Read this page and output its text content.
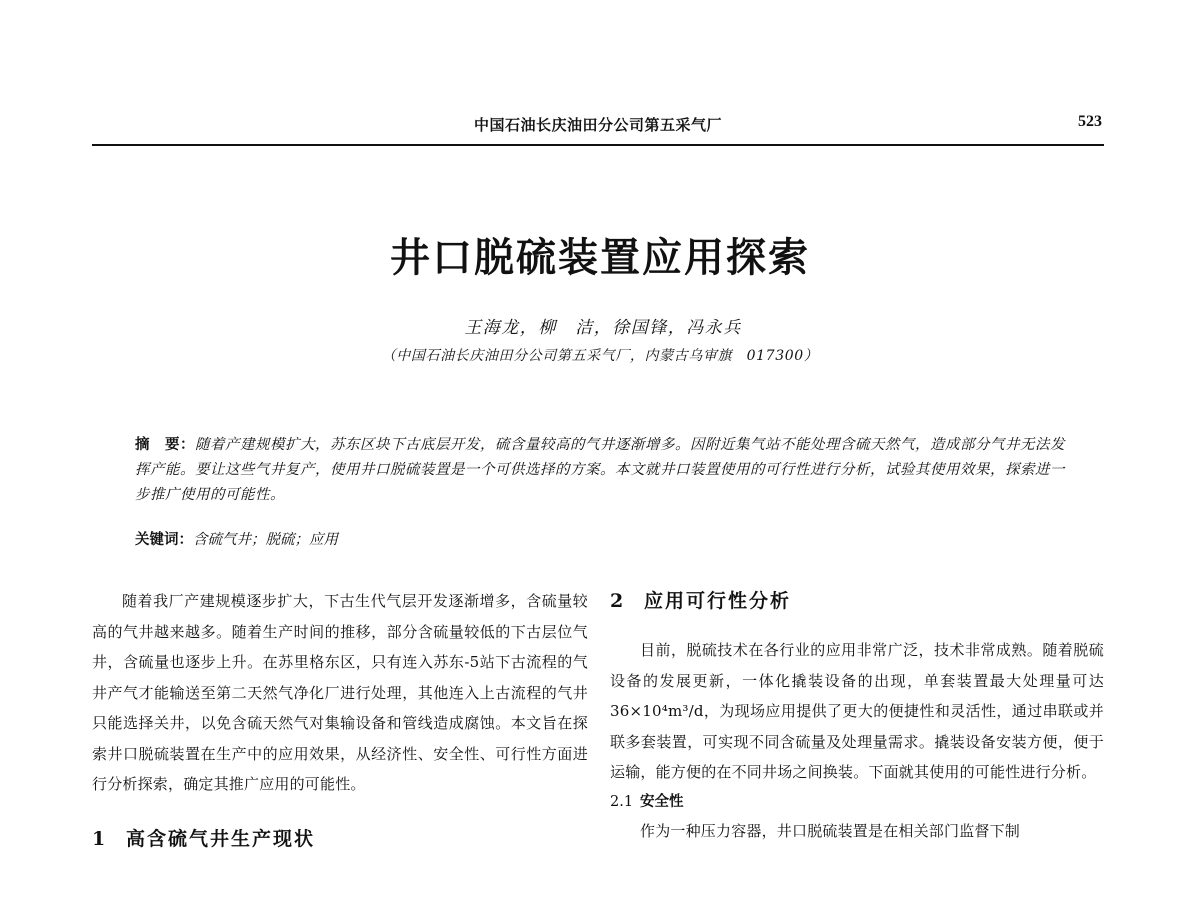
中国石油长庆油田分公司第五采气厂	523
井口脱硫装置应用探索
王海龙，柳　洁，徐国锋，冯永兵
（中国石油长庆油田分公司第五采气厂，内蒙古乌审旗　017300）
摘　要：随着产建规模扩大，苏东区块下古底层开发，硫含量较高的气井逐渐增多。因附近集气站不能处理含硫天然气，造成部分气井无法发挥产能。要让这些气井复产，使用井口脱硫装置是一个可供选择的方案。本文就井口装置使用的可行性进行分析，试验其使用效果，探索进一步推广使用的可能性。
关键词：含硫气井；脱硫；应用

随着我厂产建规模逐步扩大，下古生代气层开发逐渐增多，含硫量较高的气井越来越多。随着生产时间的推移，部分含硫量较低的下古层位气井，含硫量也逐步上升。在苏里格东区，只有连入苏东-5站下古流程的气井产气才能输送至第二天然气净化厂进行处理，其他连入上古流程的气井只能选择关井，以免含硫天然气对集输设备和管线造成腐蚀。本文旨在探索井口脱硫装置在生产中的应用效果，从经济性、安全性、可行性方面进行分析探索，确定其推广应用的可能性。

1 高含硫气井生产现状
2 应用可行性分析

目前，脱硫技术在各行业的应用非常广泛，技术非常成熟。随着脱硫设备的发展更新，一体化撬装设备的出现，单套装置最大处理量可达36×10⁴m³/d，为现场应用提供了更大的便捷性和灵活性，通过串联或并联多套装置，可实现不同含硫量及处理量需求。撬装设备安装方便，便于运输，能方便的在不同井场之间换装。下面就其使用的可能性进行分析。

2.1 安全性

作为一种压力容器，井口脱硫装置是在相关部门监督下制
